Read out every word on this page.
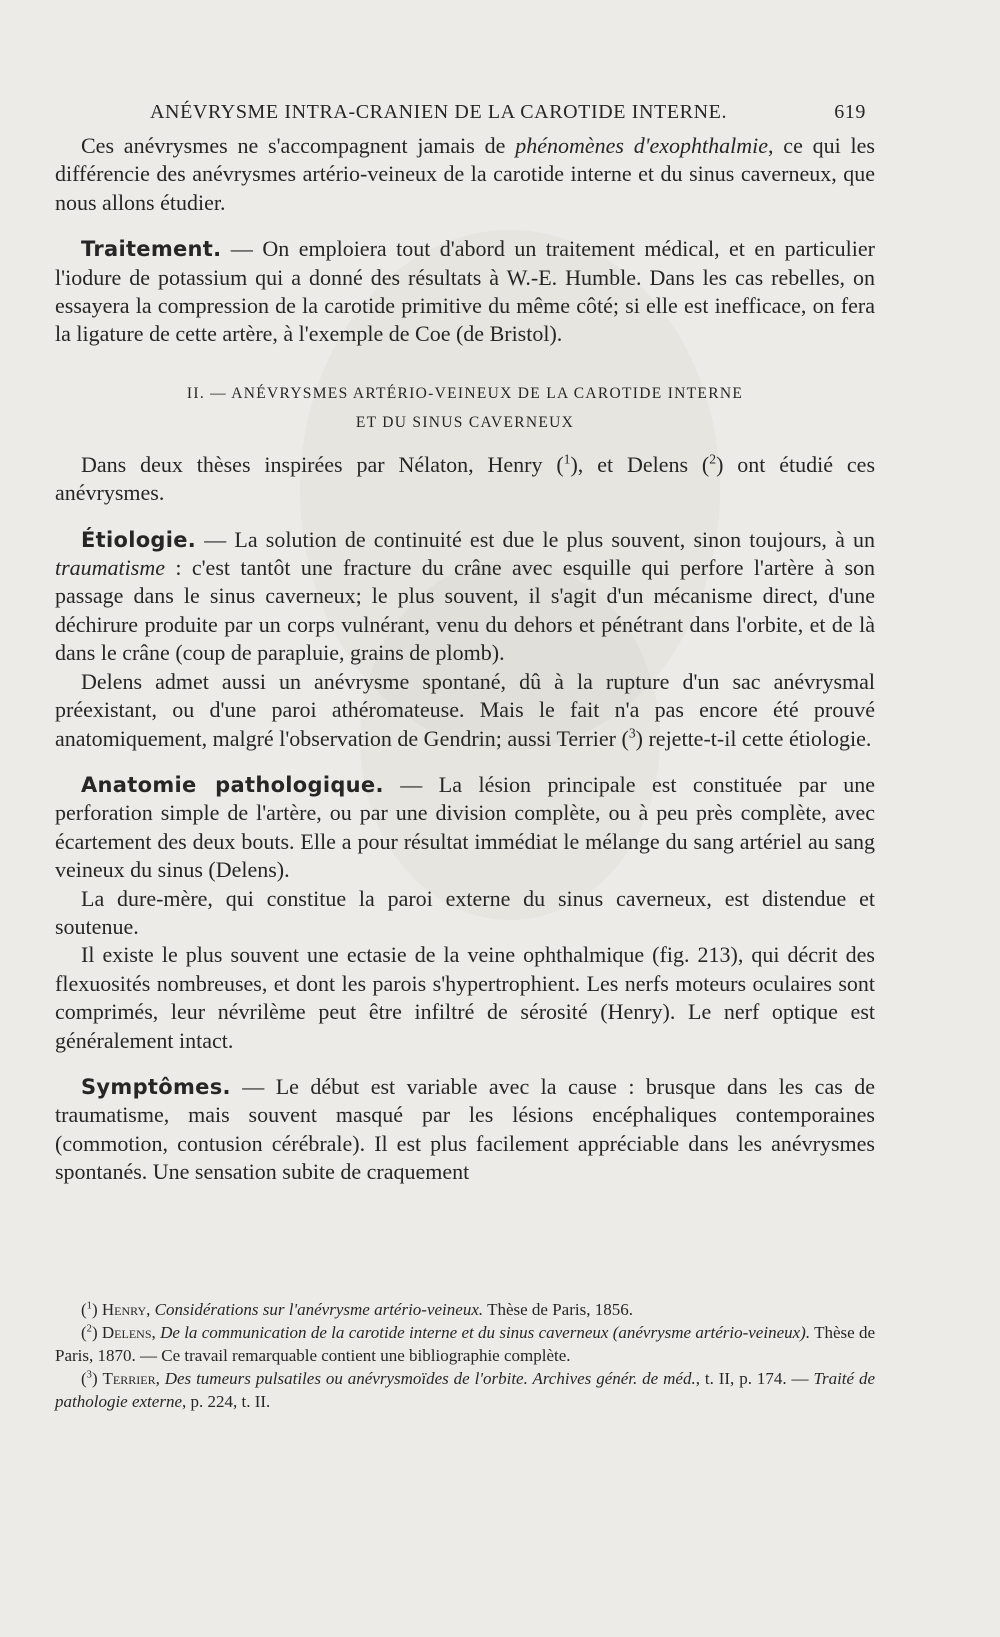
ANÉVRYSME INTRA-CRANIEN DE LA CAROTIDE INTERNE.	619

Ces anévrysmes ne s'accompagnent jamais de phénomènes d'exophthalmie, ce qui les différencie des anévrysmes artério-veineux de la carotide interne et du sinus caverneux, que nous allons étudier.

Traitement. — On emploiera tout d'abord un traitement médical, et en particulier l'iodure de potassium qui a donné des résultats à W.-E. Humble. Dans les cas rebelles, on essayera la compression de la carotide primitive du même côté; si elle est inefficace, on fera la ligature de cette artère, à l'exemple de Coe (de Bristol).

II. — ANÉVRYSMES ARTÉRIO-VEINEUX DE LA CAROTIDE INTERNE
ET DU SINUS CAVERNEUX

Dans deux thèses inspirées par Nélaton, Henry ($^1$), et Delens ($^2$) ont étudié ces anévrysmes.

Étiologie. — La solution de continuité est due le plus souvent, sinon toujours, à un traumatisme : c'est tantôt une fracture du crâne avec esquille qui perfore l'artère à son passage dans le sinus caverneux; le plus souvent, il s'agit d'un mécanisme direct, d'une déchirure produite par un corps vulnérant, venu du dehors et pénétrant dans l'orbite, et de là dans le crâne (coup de parapluie, grains de plomb).

Delens admet aussi un anévrysme spontané, dû à la rupture d'un sac anévrysmal préexistant, ou d'une paroi athéromateuse. Mais le fait n'a pas encore été prouvé anatomiquement, malgré l'observation de Gendrin; aussi Terrier ($^3$) rejette-t-il cette étiologie.

Anatomie pathologique. — La lésion principale est constituée par une perforation simple de l'artère, ou par une division complète, ou à peu près complète, avec écartement des deux bouts. Elle a pour résultat immédiat le mélange du sang artériel au sang veineux du sinus (Delens).

La dure-mère, qui constitue la paroi externe du sinus caverneux, est distendue et soutenue.

Il existe le plus souvent une ectasie de la veine ophthalmique (fig. 213), qui décrit des flexuosités nombreuses, et dont les parois s'hypertrophient. Les nerfs moteurs oculaires sont comprimés, leur névrilème peut être infiltré de sérosité (Henry). Le nerf optique est généralement intact.

Symptômes. — Le début est variable avec la cause : brusque dans les cas de traumatisme, mais souvent masqué par les lésions encéphaliques contemporaines (commotion, contusion cérébrale). Il est plus facilement appréciable dans les anévrysmes spontanés. Une sensation subite de craquement

($^1$) Henry, Considérations sur l'anévrysme artério-veineux. Thèse de Paris, 1856.

($^2$) Delens, De la communication de la carotide interne et du sinus caverneux (anévrysme artério-veineux). Thèse de Paris, 1870. — Ce travail remarquable contient une bibliographie complète.

($^3$) Terrier, Des tumeurs pulsatiles ou anévrysmoïdes de l'orbite. Archives génér. de méd., t. II, p. 174. — Traité de pathologie externe, p. 224, t. II.
